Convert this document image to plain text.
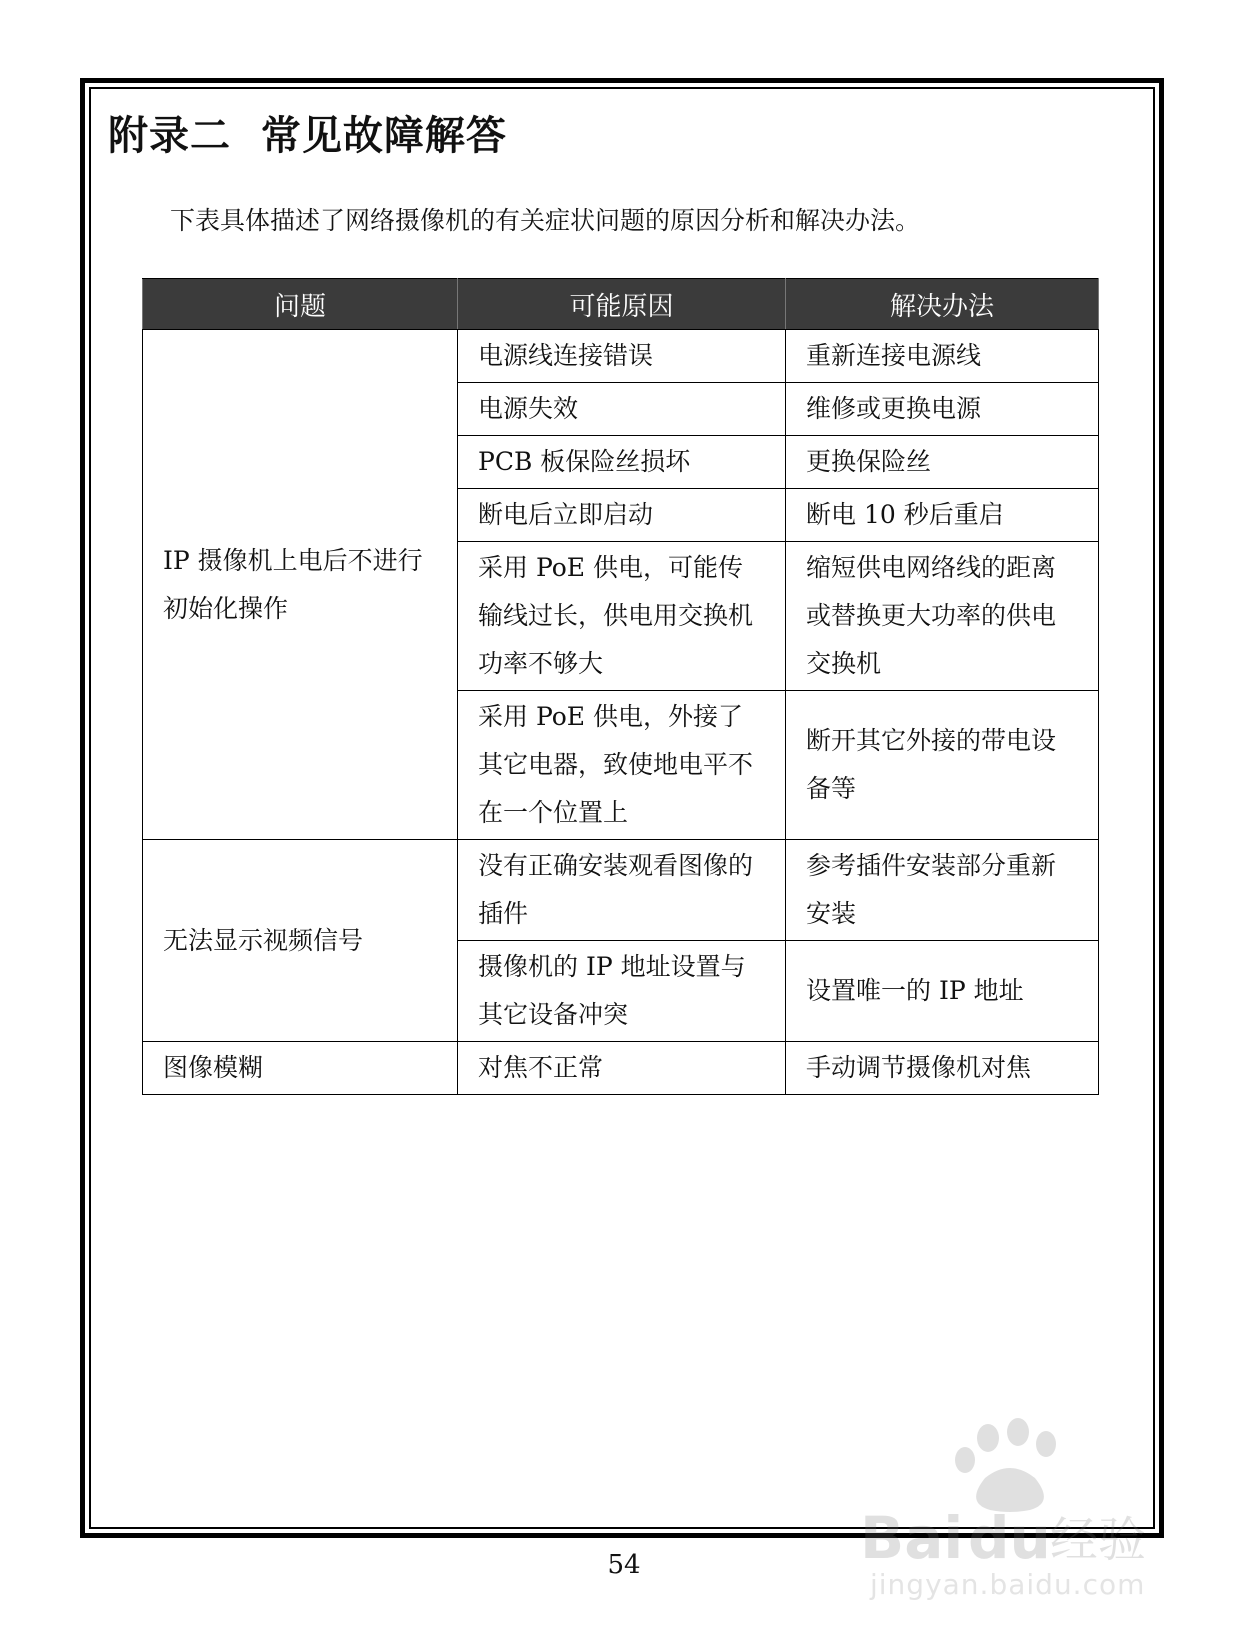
附录二  常见故障解答

下表具体描述了网络摄像机的有关症状问题的原因分析和解决办法。

问题	可能原因	解决办法
IP 摄像机上电后不进行初始化操作	电源线连接错误	重新连接电源线
	电源失效	维修或更换电源
	PCB 板保险丝损坏	更换保险丝
	断电后立即启动	断电 10 秒后重启
	采用 PoE 供电，可能传输线过长，供电用交换机功率不够大	缩短供电网络线的距离或替换更大功率的供电交换机
	采用 PoE 供电，外接了其它电器，致使地电平不在一个位置上	断开其它外接的带电设备等
无法显示视频信号	没有正确安装观看图像的插件	参考插件安装部分重新安装
	摄像机的 IP 地址设置与其它设备冲突	设置唯一的 IP 地址
图像模糊	对焦不正常	手动调节摄像机对焦

54	Bai du 经验
jingyan.baidu.com
